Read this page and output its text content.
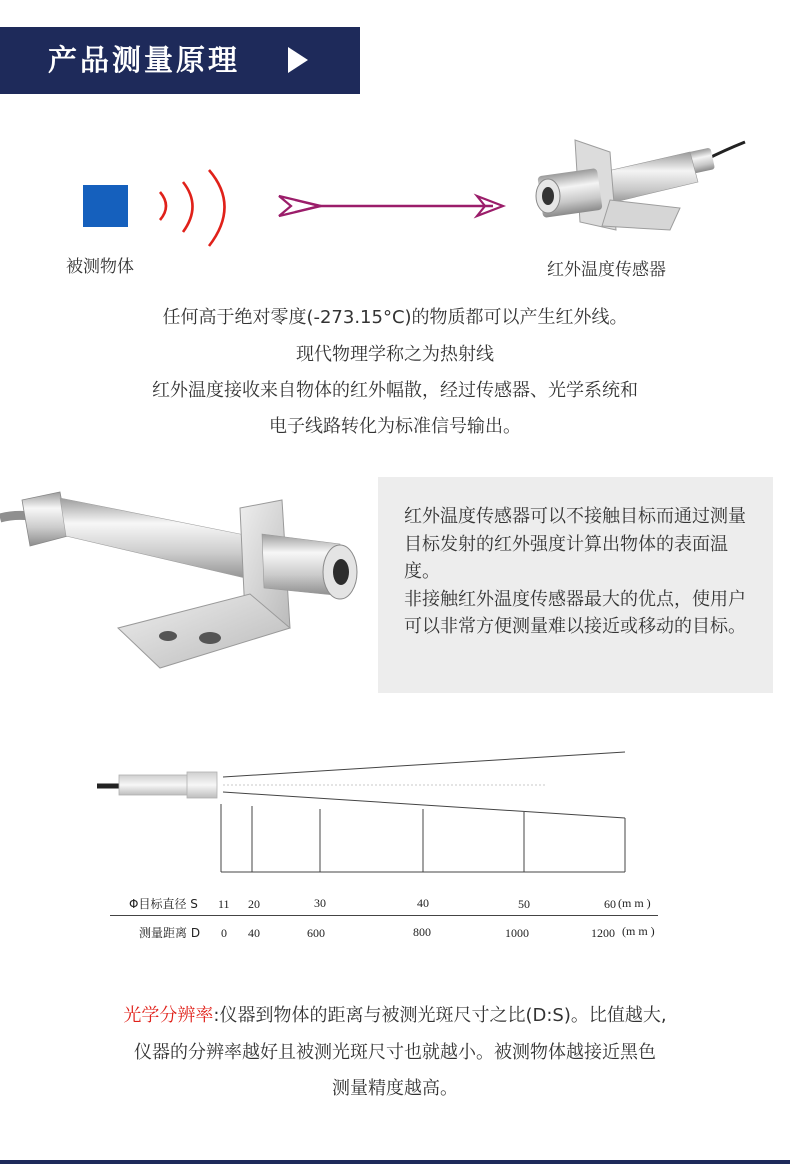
产品测量原理
被测物体	红外温度传感器
任何高于绝对零度(-273.15°C)的物质都可以产生红外线。
现代物理学称之为热射线
红外温度接收来自物体的红外幅散，经过传感器、光学系统和
电子线路转化为标准信号输出。

红外温度传感器可以不接触目标而通过测量目标发射的红外强度计算出物体的表面温度。

非接触红外温度传感器最大的优点，使用户可以非常方便测量难以接近或移动的目标。

Φ目标直径 S 11 20	30	40	50	60 (m m )
测量距离 D 0 40	600	800	1000	1200 (m m )
光学分辨率:仪器到物体的距离与被测光斑尺寸之比(D:S)。比值越大,
仪器的分辨率越好且被测光斑尺寸也就越小。被测物体越接近黑色
测量精度越高。
